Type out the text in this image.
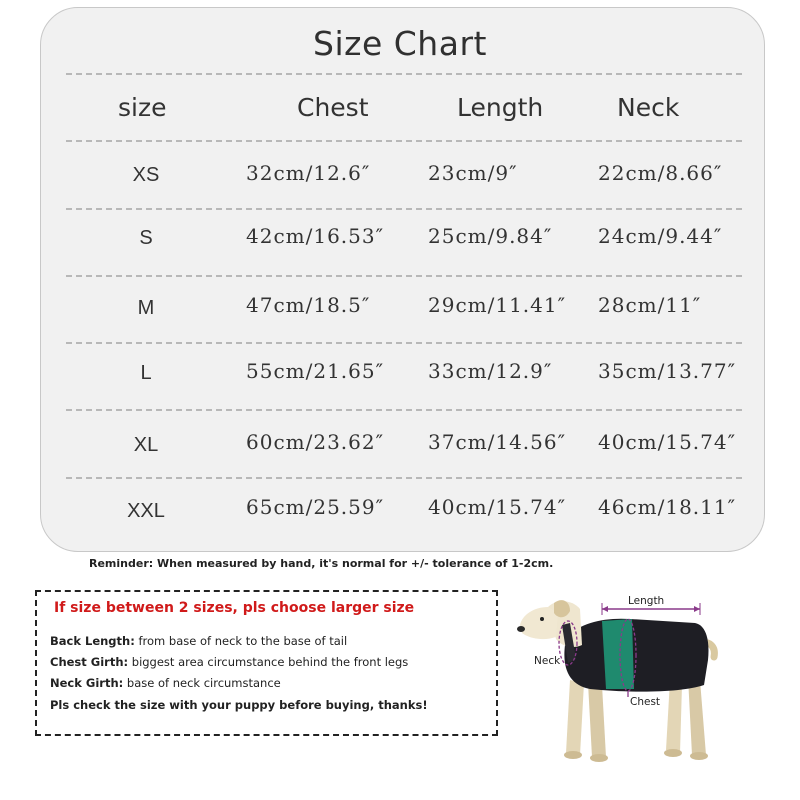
Size Chart
size	Chest	Length	Neck
XS	32cm/12.6″	23cm/9″	22cm/8.66″
S	42cm/16.53″ 25cm/9.84″ 24cm/9.44″
M	47cm/18.5″	29cm/11.41″ 28cm/11″
L	55cm/21.65″ 33cm/12.9″ 35cm/13.77″
XL	60cm/23.62″ 37cm/14.56″ 40cm/15.74″
XXL	65cm/25.59″ 40cm/15.74″ 46cm/18.11″
Reminder: When measured by hand, it's normal for +/- tolerance of 1-2cm.
If size between 2 sizes, pls choose larger size
Back Length: from base of neck to the base of tail
Chest Girth: biggest area circumstance behind the front legs
Neck Girth: base of neck circumstance
Pls check the size with your puppy before buying, thanks!
Length
Neck
Chest
